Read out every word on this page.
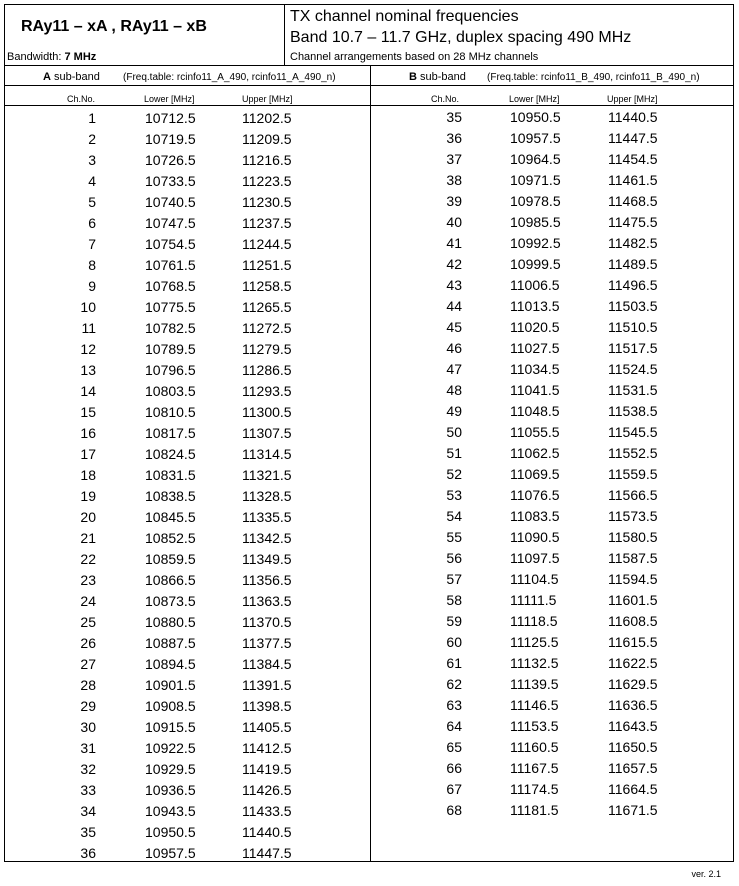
RAy11 – xA , RAy11 – xB
Bandwidth: 7 MHz
TX channel nominal frequencies
Band 10.7 – 11.7 GHz, duplex spacing 490 MHz
Channel arrangements based on 28 MHz channels
A sub-band (Freq.table: rcinfo11_A_490, rcinfo11_A_490_n)
Ch.No.	Lower [MHz]	Upper [MHz]
B sub-band (Freq.table: rcinfo11_B_490, rcinfo11_B_490_n)
Ch.No.	Lower [MHz]	Upper [MHz]
1	10712.5	11202.5
2	10719.5	11209.5
3	10726.5	11216.5
4	10733.5	11223.5
5	10740.5	11230.5
6	10747.5	11237.5
7	10754.5	11244.5
8	10761.5	11251.5
9	10768.5	11258.5
10	10775.5	11265.5
11	10782.5	11272.5
12	10789.5	11279.5
13	10796.5	11286.5
14	10803.5	11293.5
15	10810.5	11300.5
16	10817.5	11307.5
17	10824.5	11314.5
18	10831.5	11321.5
19	10838.5	11328.5
20	10845.5	11335.5
21	10852.5	11342.5
22	10859.5	11349.5
23	10866.5	11356.5
24	10873.5	11363.5
25	10880.5	11370.5
26	10887.5	11377.5
27	10894.5	11384.5
28	10901.5	11391.5
29	10908.5	11398.5
30	10915.5	11405.5
31	10922.5	11412.5
32	10929.5	11419.5
33	10936.5	11426.5
34	10943.5	11433.5
35	10950.5	11440.5
36	10957.5	11447.5
35	10950.5	11440.5
36	10957.5	11447.5
37	10964.5	11454.5
38	10971.5	11461.5
39	10978.5	11468.5
40	10985.5	11475.5
41	10992.5	11482.5
42	10999.5	11489.5
43	11006.5	11496.5
44	11013.5	11503.5
45	11020.5	11510.5
46	11027.5	11517.5
47	11034.5	11524.5
48	11041.5	11531.5
49	11048.5	11538.5
50	11055.5	11545.5
51	11062.5	11552.5
52	11069.5	11559.5
53	11076.5	11566.5
54	11083.5	11573.5
55	11090.5	11580.5
56	11097.5	11587.5
57	11104.5	11594.5
58	11111.5	11601.5
59	11118.5	11608.5
60	11125.5	11615.5
61	11132.5	11622.5
62	11139.5	11629.5
63	11146.5	11636.5
64	11153.5	11643.5
65	11160.5	11650.5
66	11167.5	11657.5
67	11174.5	11664.5
68	11181.5	11671.5
ver. 2.1
